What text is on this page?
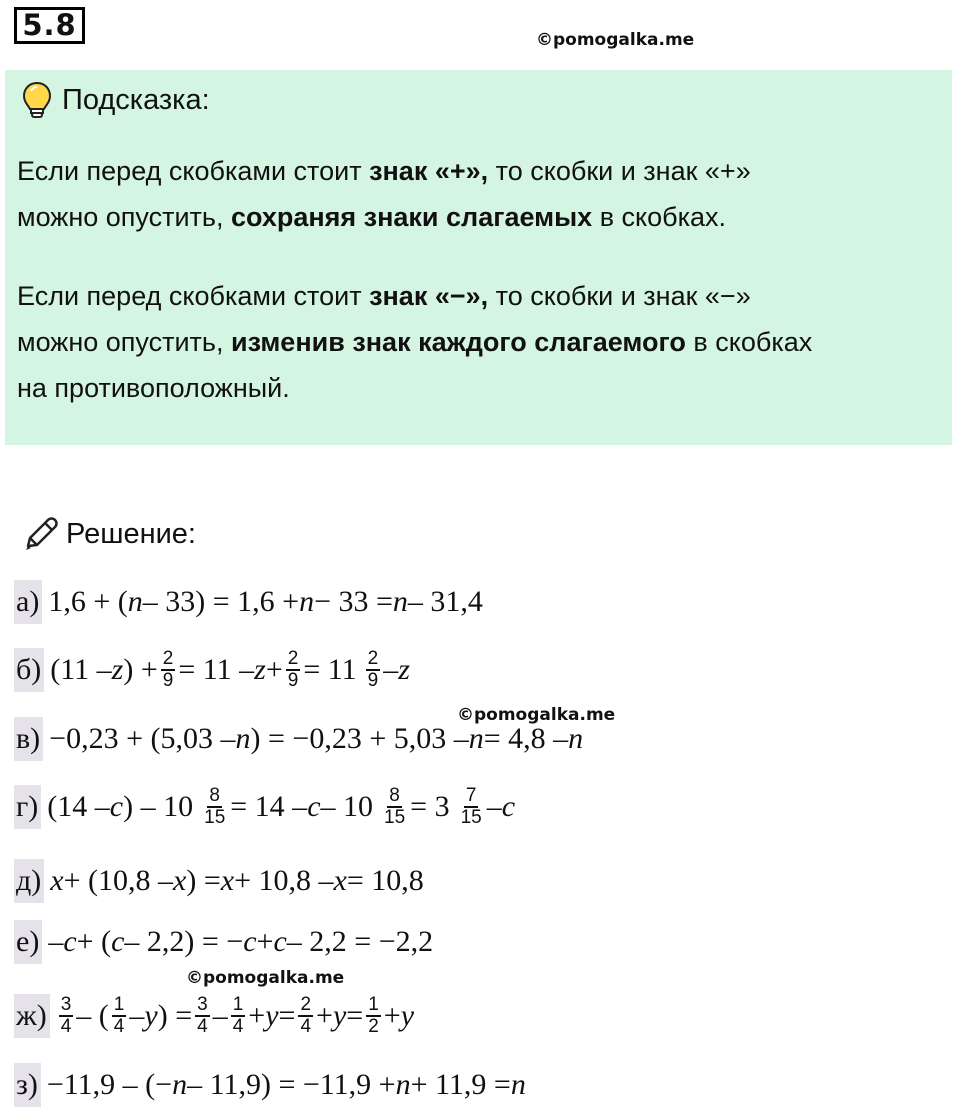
5.8	©pomogalka.me
Подсказка:

Если перед скобками стоит знак «+», то скобки и знак «+»
можно опустить, сохраняя знаки слагаемых в скобках.

Если перед скобками стоит знак «−», то скобки и знак «−»
можно опустить, изменив знак каждого слагаемого в скобках
на противоположный.

Решение:
а) 1,6 + ( n – 33) = 1,6 + n − 33 = n – 31,4
б) (11 – z ) + $\frac{2}{9} = 11 - z + \frac{2}{9} = 11 \frac{2}{9} - z$
©pomogalka.me
в) −0,23 + (5,03 – n ) = −0,23 + 5,03 – n = 4,8 – n
г) (14 – c ) – $10 \frac{8}{15} = 14 - c - 10 \frac{8}{15} = 3 \frac{7}{15} - c$
д) x + (10,8 – x ) = x + 10,8 – x = 10,8
е) – c + ( c – 2,2) = − c + c – 2,2 = −2,2
©pomogalka.me
$ж) \frac{3}{4}$ – ( $\frac{1}{4}$ – y ) = $\frac{3}{4} - \frac{1}{4} + y = \frac{2}{4} + y = \frac{1}{2} + y$
з) −11,9 – (− n – 11,9) = −11,9 + n + 11,9 = n
